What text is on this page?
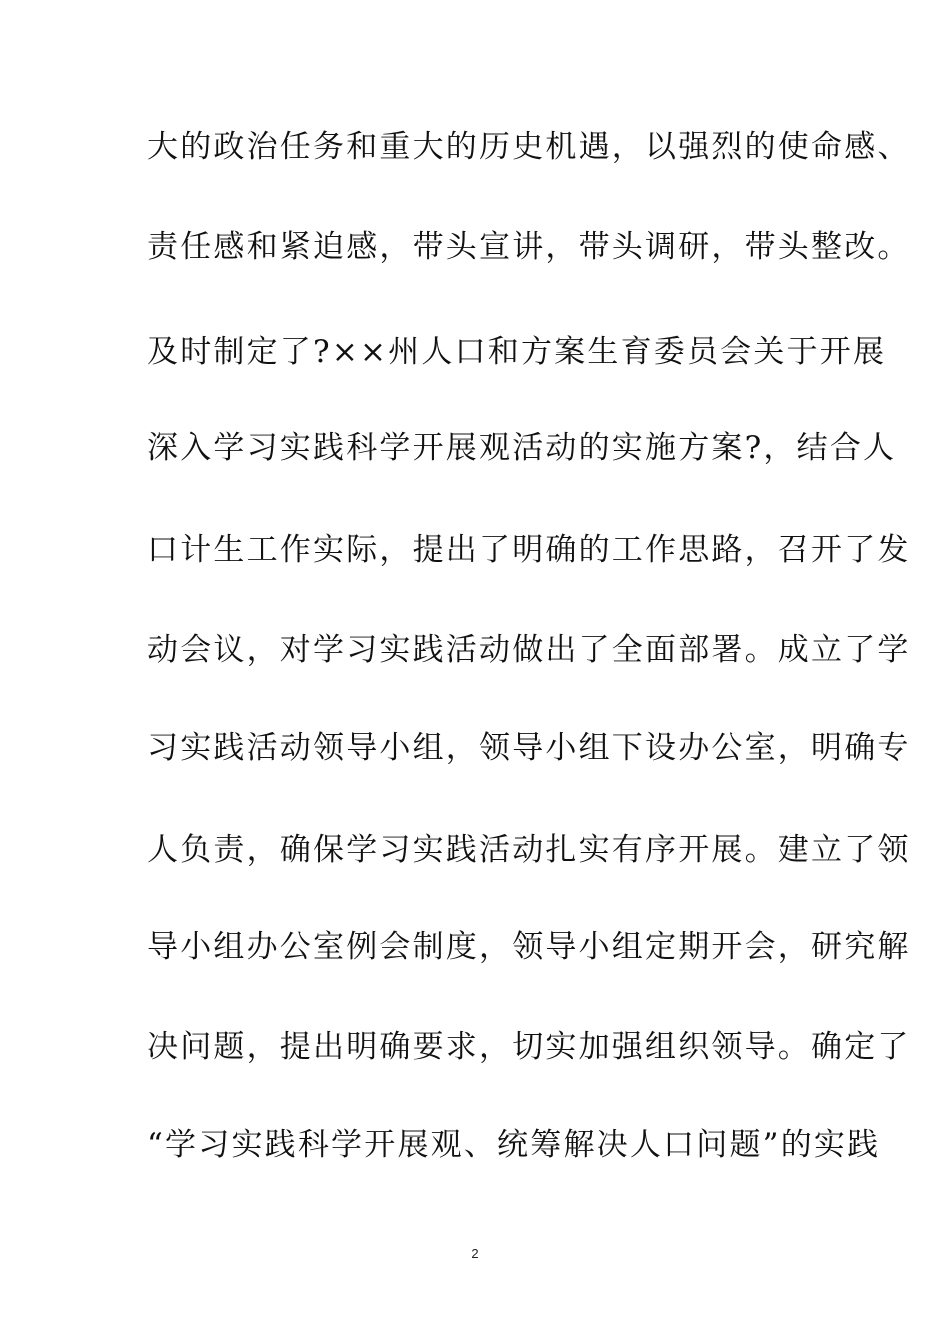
大的政治任务和重大的历史机遇，以强烈的使命感、
责任感和紧迫感，带头宣讲，带头调研，带头整改。
及时制定了?××州人口和方案生育委员会关于开展
深入学习实践科学开展观活动的实施方案?，结合人
口计生工作实际，提出了明确的工作思路，召开了发
动会议，对学习实践活动做出了全面部署。成立了学
习实践活动领导小组，领导小组下设办公室，明确专
人负责，确保学习实践活动扎实有序开展。建立了领
导小组办公室例会制度，领导小组定期开会，研究解
决问题，提出明确要求，切实加强组织领导。确定了
“学习实践科学开展观、统筹解决人口问题”的实践
2
